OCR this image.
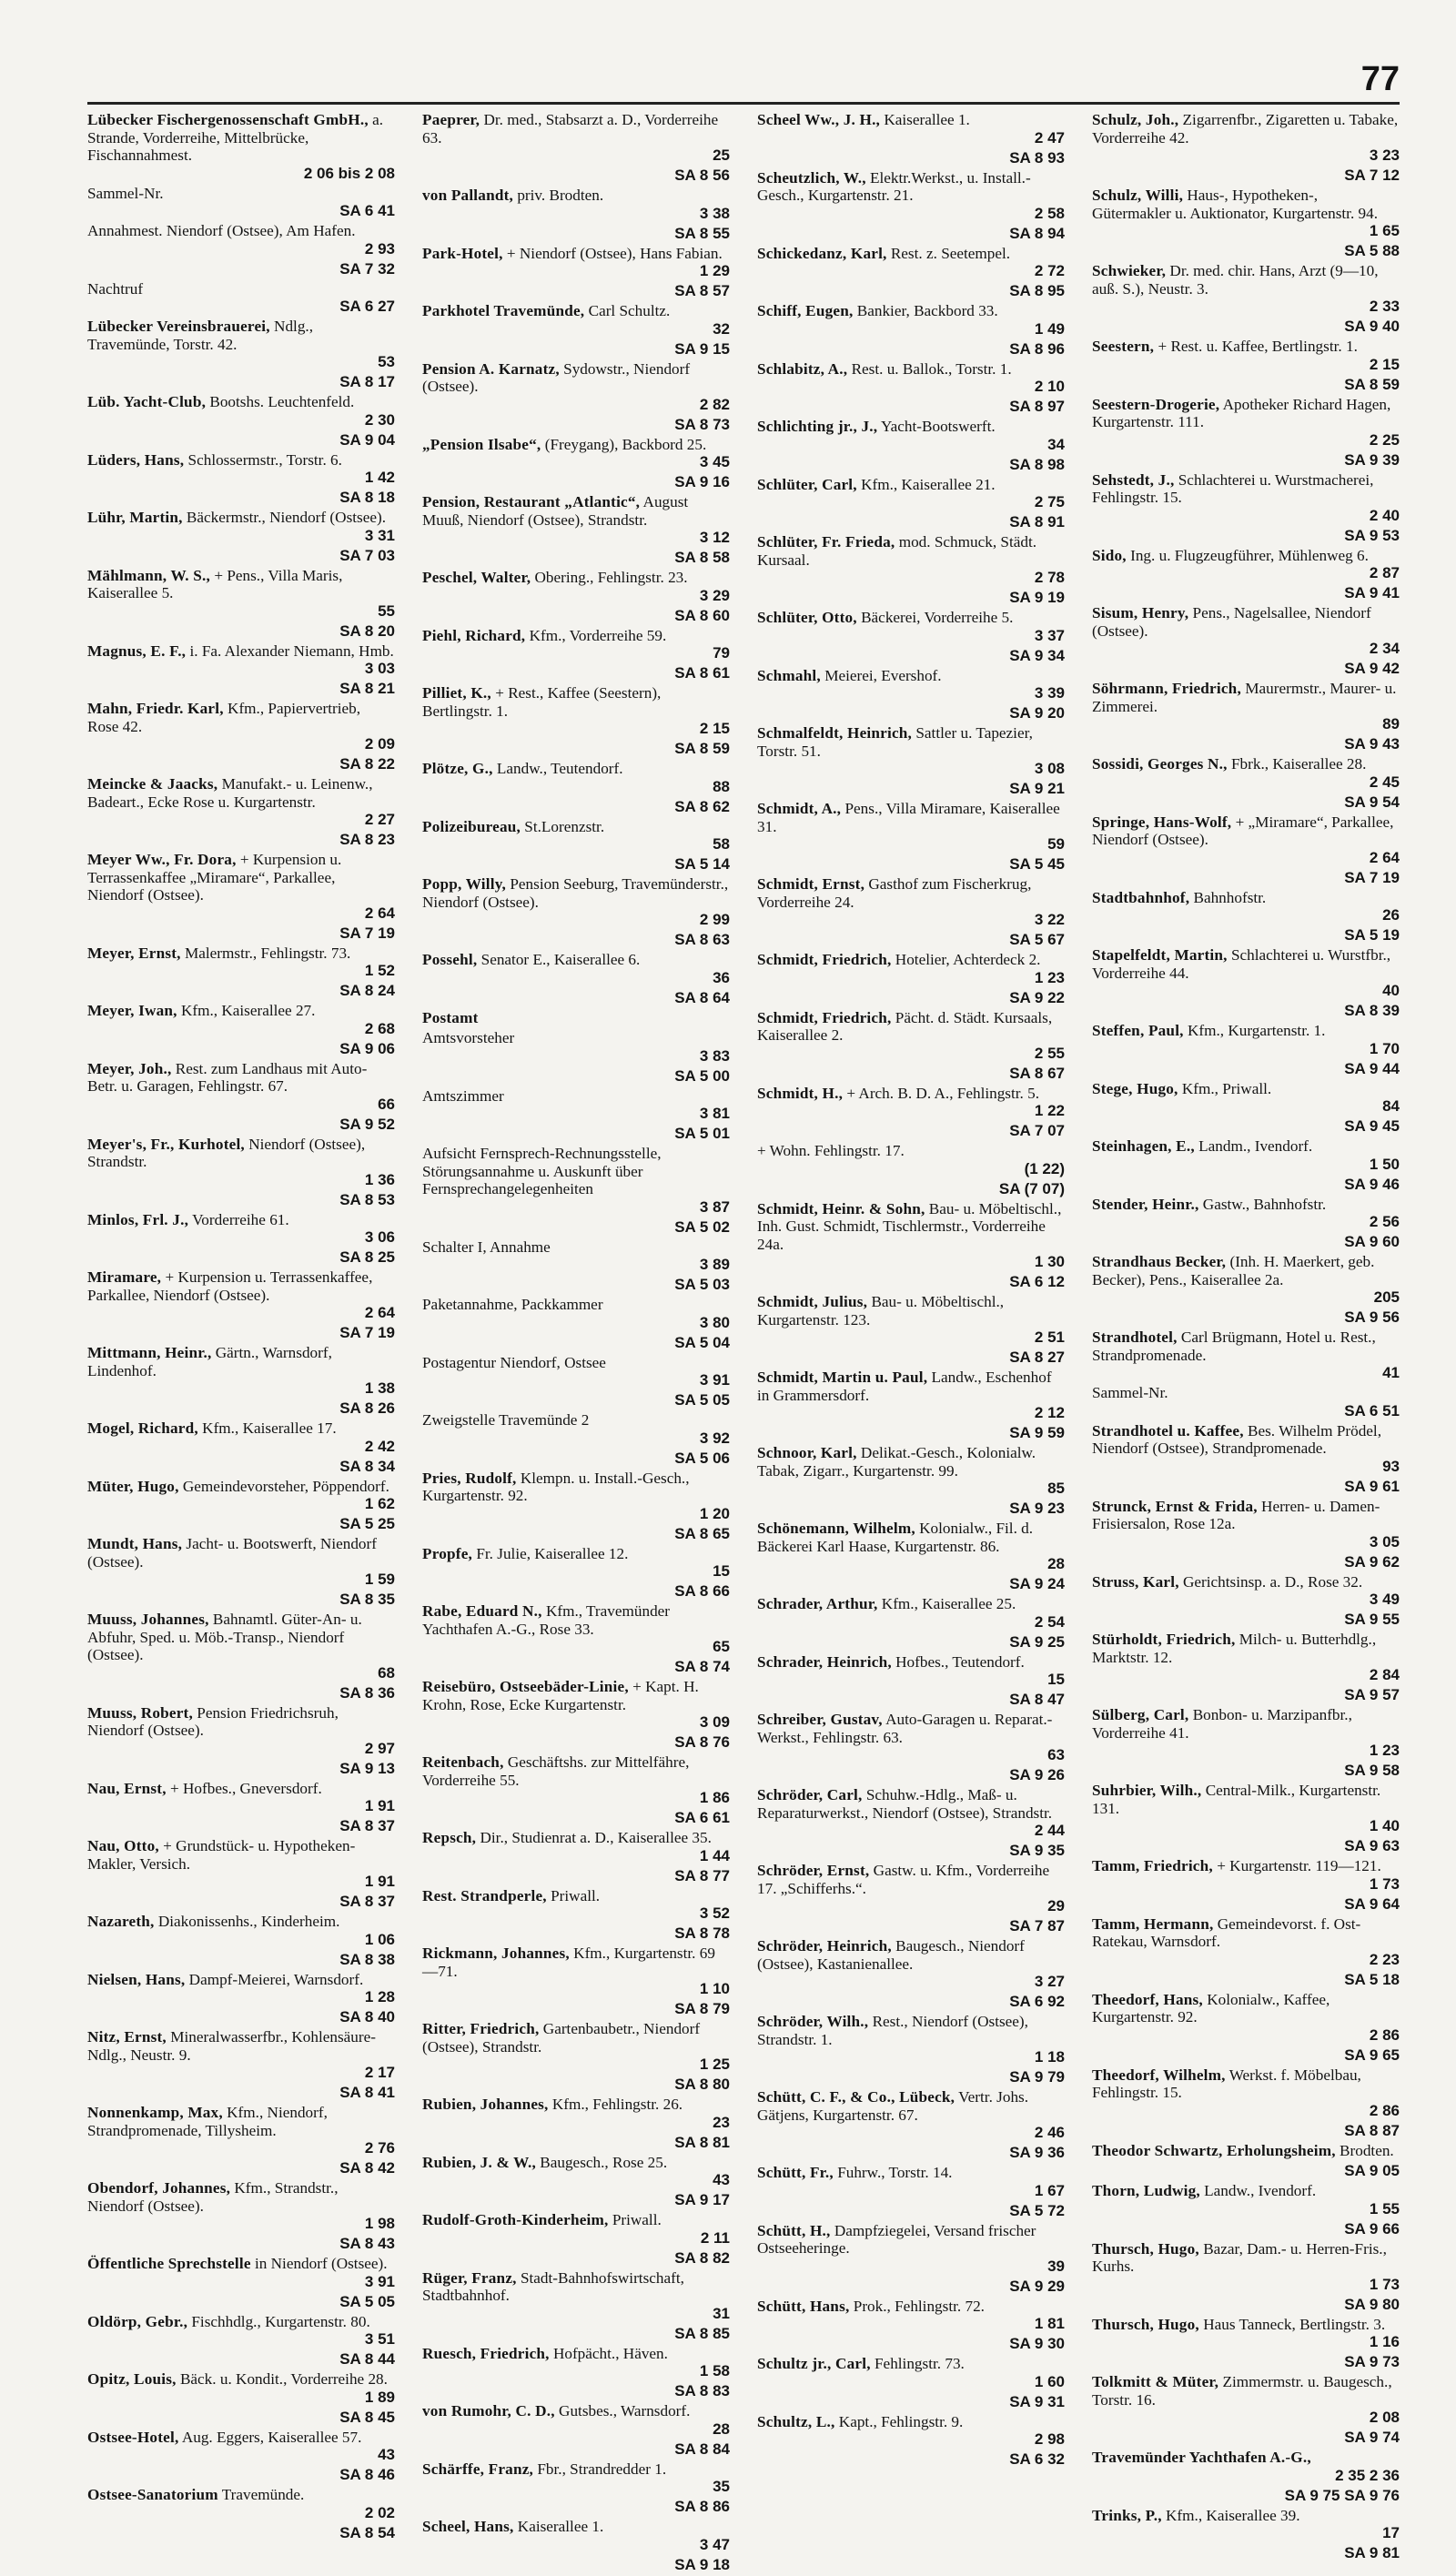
77
Lübecker Fischergenossenschaft GmbH., a. Strande, Vorderreihe, Mittelbrücke, Fischannahmest.
2 06 bis 2 08
Sammel-Nr.
SA 6 41
Annahmest. Niendorf (Ostsee), Am Hafen.
2 93
SA 7 32
Nachtruf
SA 6 27
Lübecker Vereinsbrauerei, Ndlg., Travemünde, Torstr. 42.
53
SA 8 17
Lüb. Yacht-Club, Bootshs. Leuchtenfeld.
2 30
SA 9 04
Lüders, Hans, Schlossermstr., Torstr. 6.
1 42
SA 8 18
Lühr, Martin, Bäckermstr., Niendorf (Ostsee).
3 31
SA 7 03
Mählmann, W. S., + Pens., Villa Maris, Kaiserallee 5.
55
SA 8 20
Magnus, E. F., i. Fa. Alexander Niemann, Hmb.
3 03
SA 8 21
Mahn, Friedr. Karl, Kfm., Papiervertrieb, Rose 42.
2 09
SA 8 22
Meincke & Jaacks, Manufakt.- u. Leinenw., Badeart., Ecke Rose u. Kurgartenstr.
2 27
SA 8 23
Meyer Ww., Fr. Dora, + Kurpension u. Terrassenkaffee „Miramare“, Parkallee, Niendorf (Ostsee).
2 64
SA 7 19
Meyer, Ernst, Malermstr., Fehlingstr. 73.
1 52
SA 8 24
Meyer, Iwan, Kfm., Kaiserallee 27.
2 68
SA 9 06
Meyer, Joh., Rest. zum Landhaus mit Auto-Betr. u. Garagen, Fehlingstr. 67.
66
SA 9 52
Meyer's, Fr., Kurhotel, Niendorf (Ostsee), Strandstr.
1 36
SA 8 53
Minlos, Frl. J., Vorderreihe 61.
3 06
SA 8 25
Miramare, + Kurpension u. Terrassenkaffee, Parkallee, Niendorf (Ostsee).
2 64
SA 7 19
Mittmann, Heinr., Gärtn., Warnsdorf, Lindenhof.
1 38
SA 8 26
Mogel, Richard, Kfm., Kaiserallee 17.
2 42
SA 8 34
Müter, Hugo, Gemeindevorsteher, Pöppendorf.
1 62
SA 5 25
Mundt, Hans, Jacht- u. Bootswerft, Niendorf (Ostsee).
1 59
SA 8 35
Muuss, Johannes, Bahnamtl. Güter-An- u. Abfuhr, Sped. u. Möb.-Transp., Niendorf (Ostsee).
68
SA 8 36
Muuss, Robert, Pension Friedrichsruh, Niendorf (Ostsee).
2 97
SA 9 13
Nau, Ernst, + Hofbes., Gneversdorf.
1 91
SA 8 37
Nau, Otto, + Grundstück- u. Hypotheken-Makler, Versich.
1 91
SA 8 37
Nazareth, Diakonissenhs., Kinderheim.
1 06
SA 8 38
Nielsen, Hans, Dampf-Meierei, Warnsdorf.
1 28
SA 8 40
Nitz, Ernst, Mineralwasserfbr., Kohlensäure-Ndlg., Neustr. 9.
2 17
SA 8 41
Nonnenkamp, Max, Kfm., Niendorf, Strandpromenade, Tillysheim.
2 76
SA 8 42
Obendorf, Johannes, Kfm., Strandstr., Niendorf (Ostsee).
1 98
SA 8 43
Öffentliche Sprechstelle in Niendorf (Ostsee).
3 91
SA 5 05
Oldörp, Gebr., Fischhdlg., Kurgartenstr. 80.
3 51
SA 8 44
Opitz, Louis, Bäck. u. Kondit., Vorderreihe 28.
1 89
SA 8 45
Ostsee-Hotel, Aug. Eggers, Kaiserallee 57.
43
SA 8 46
Ostsee-Sanatorium Travemünde.
2 02
SA 8 54
Paeprer, Dr. med., Stabsarzt a. D., Vorderreihe 63.
25
SA 8 56
von Pallandt, priv. Brodten.
3 38
SA 8 55
Park-Hotel, + Niendorf (Ostsee), Hans Fabian.
1 29
SA 8 57
Parkhotel Travemünde, Carl Schultz.
32
SA 9 15
Pension A. Karnatz, Sydowstr., Niendorf (Ostsee).
2 82
SA 8 73
„Pension Ilsabe“, (Freygang), Backbord 25.
3 45
SA 9 16
Pension, Restaurant „Atlantic“, August Muuß, Niendorf (Ostsee), Strandstr.
3 12
SA 8 58
Peschel, Walter, Obering., Fehlingstr. 23.
3 29
SA 8 60
Piehl, Richard, Kfm., Vorderreihe 59.
79
SA 8 61
Pilliet, K., + Rest., Kaffee (Seestern), Bertlingstr. 1.
2 15
SA 8 59
Plötze, G., Landw., Teutendorf.
88
SA 8 62
Polizeibureau, St.Lorenzstr.
58
SA 5 14
Popp, Willy, Pension Seeburg, Travemünderstr., Niendorf (Ostsee).
2 99
SA 8 63
Possehl, Senator E., Kaiserallee 6.
36
SA 8 64
Postamt
Amtsvorsteher
3 83
SA 5 00
Amtszimmer
3 81
SA 5 01
Aufsicht Fernsprech-Rechnungsstelle, Störungsannahme u. Auskunft über Fernsprechangelegenheiten
3 87
SA 5 02
Schalter I, Annahme
3 89
SA 5 03
Paketannahme, Packkammer
3 80
SA 5 04
Postagentur Niendorf, Ostsee
3 91
SA 5 05
Zweigstelle Travemünde 2
3 92
SA 5 06
Pries, Rudolf, Klempn. u. Install.-Gesch., Kurgartenstr. 92.
1 20
SA 8 65
Propfe, Fr. Julie, Kaiserallee 12.
15
SA 8 66
Rabe, Eduard N., Kfm., Travemünder Yachthafen A.-G., Rose 33.
65
SA 8 74
Reisebüro, Ostseebäder-Linie, + Kapt. H. Krohn, Rose, Ecke Kurgartenstr.
3 09
SA 8 76
Reitenbach, Geschäftshs. zur Mittelfähre, Vorderreihe 55.
1 86
SA 6 61
Repsch, Dir., Studienrat a. D., Kaiserallee 35.
1 44
SA 8 77
Rest. Strandperle, Priwall.
3 52
SA 8 78
Rickmann, Johannes, Kfm., Kurgartenstr. 69—71.
1 10
SA 8 79
Ritter, Friedrich, Gartenbaubetr., Niendorf (Ostsee), Strandstr.
1 25
SA 8 80
Rubien, Johannes, Kfm., Fehlingstr. 26.
23
SA 8 81
Rubien, J. & W., Baugesch., Rose 25.
43
SA 9 17
Rudolf-Groth-Kinderheim, Priwall.
2 11
SA 8 82
Rüger, Franz, Stadt-Bahnhofswirtschaft, Stadtbahnhof.
31
SA 8 85
Ruesch, Friedrich, Hofpächt., Häven.
1 58
SA 8 83
von Rumohr, C. D., Gutsbes., Warnsdorf.
28
SA 8 84
Schärffe, Franz, Fbr., Strandredder 1.
35
SA 8 86
Scheel, Hans, Kaiserallee 1.
3 47
SA 9 18
Scheel Ww., J. H., Kaiserallee 1.
2 47
SA 8 93
Scheutzlich, W., Elektr.Werkst., u. Install.-Gesch., Kurgartenstr. 21.
2 58
SA 8 94
Schickedanz, Karl, Rest. z. Seetempel.
2 72
SA 8 95
Schiff, Eugen, Bankier, Backbord 33.
1 49
SA 8 96
Schlabitz, A., Rest. u. Ballok., Torstr. 1.
2 10
SA 8 97
Schlichting jr., J., Yacht-Bootswerft.
34
SA 8 98
Schlüter, Carl, Kfm., Kaiserallee 21.
2 75
SA 8 91
Schlüter, Fr. Frieda, mod. Schmuck, Städt. Kursaal.
2 78
SA 9 19
Schlüter, Otto, Bäckerei, Vorderreihe 5.
3 37
SA 9 34
Schmahl, Meierei, Evershof.
3 39
SA 9 20
Schmalfeldt, Heinrich, Sattler u. Tapezier, Torstr. 51.
3 08
SA 9 21
Schmidt, A., Pens., Villa Miramare, Kaiserallee 31.
59
SA 5 45
Schmidt, Ernst, Gasthof zum Fischerkrug, Vorderreihe 24.
3 22
SA 5 67
Schmidt, Friedrich, Hotelier, Achterdeck 2.
1 23
SA 9 22
Schmidt, Friedrich, Pächt. d. Städt. Kursaals, Kaiserallee 2.
2 55
SA 8 67
Schmidt, H., + Arch. B. D. A., Fehlingstr. 5.
1 22
SA 7 07
+ Wohn. Fehlingstr. 17.
(1 22)
SA (7 07)
Schmidt, Heinr. & Sohn, Bau- u. Möbeltischl., Inh. Gust. Schmidt, Tischlermstr., Vorderreihe 24a.
1 30
SA 6 12
Schmidt, Julius, Bau- u. Möbeltischl., Kurgartenstr. 123.
2 51
SA 8 27
Schmidt, Martin u. Paul, Landw., Eschenhof in Grammersdorf.
2 12
SA 9 59
Schnoor, Karl, Delikat.-Gesch., Kolonialw. Tabak, Zigarr., Kurgartenstr. 99.
85
SA 9 23
Schönemann, Wilhelm, Kolonialw., Fil. d. Bäckerei Karl Haase, Kurgartenstr. 86.
28
SA 9 24
Schrader, Arthur, Kfm., Kaiserallee 25.
2 54
SA 9 25
Schrader, Heinrich, Hofbes., Teutendorf.
15
SA 8 47
Schreiber, Gustav, Auto-Garagen u. Reparat.-Werkst., Fehlingstr. 63.
63
SA 9 26
Schröder, Carl, Schuhw.-Hdlg., Maß- u. Reparaturwerkst., Niendorf (Ostsee), Strandstr.
2 44
SA 9 35
Schröder, Ernst, Gastw. u. Kfm., Vorderreihe 17. „Schifferhs.“.
29
SA 7 87
Schröder, Heinrich, Baugesch., Niendorf (Ostsee), Kastanienallee.
3 27
SA 6 92
Schröder, Wilh., Rest., Niendorf (Ostsee), Strandstr. 1.
1 18
SA 9 79
Schütt, C. F., & Co., Lübeck, Vertr. Johs. Gätjens, Kurgartenstr. 67.
2 46
SA 9 36
Schütt, Fr., Fuhrw., Torstr. 14.
1 67
SA 5 72
Schütt, H., Dampfziegelei, Versand frischer Ostseeheringe.
39
SA 9 29
Schütt, Hans, Prok., Fehlingstr. 72.
1 81
SA 9 30
Schultz jr., Carl, Fehlingstr. 73.
1 60
SA 9 31
Schultz, L., Kapt., Fehlingstr. 9.
2 98
SA 6 32
Schulz, Joh., Zigarrenfbr., Zigaretten u. Tabake, Vorderreihe 42.
3 23
SA 7 12
Schulz, Willi, Haus-, Hypotheken-, Gütermakler u. Auktionator, Kurgartenstr. 94.
1 65
SA 5 88
Schwieker, Dr. med. chir. Hans, Arzt (9—10, auß. S.), Neustr. 3.
2 33
SA 9 40
Seestern, + Rest. u. Kaffee, Bertlingstr. 1.
2 15
SA 8 59
Seestern-Drogerie, Apotheker Richard Hagen, Kurgartenstr. 111.
2 25
SA 9 39
Sehstedt, J., Schlachterei u. Wurstmacherei, Fehlingstr. 15.
2 40
SA 9 53
Sido, Ing. u. Flugzeugführer, Mühlenweg 6.
2 87
SA 9 41
Sisum, Henry, Pens., Nagelsallee, Niendorf (Ostsee).
2 34
SA 9 42
Söhrmann, Friedrich, Maurermstr., Maurer- u. Zimmerei.
89
SA 9 43
Sossidi, Georges N., Fbrk., Kaiserallee 28.
2 45
SA 9 54
Springe, Hans-Wolf, + „Miramare“, Parkallee, Niendorf (Ostsee).
2 64
SA 7 19
Stadtbahnhof, Bahnhofstr.
26
SA 5 19
Stapelfeldt, Martin, Schlachterei u. Wurstfbr., Vorderreihe 44.
40
SA 8 39
Steffen, Paul, Kfm., Kurgartenstr. 1.
1 70
SA 9 44
Stege, Hugo, Kfm., Priwall.
84
SA 9 45
Steinhagen, E., Landm., Ivendorf.
1 50
SA 9 46
Stender, Heinr., Gastw., Bahnhofstr.
2 56
SA 9 60
Strandhaus Becker, (Inh. H. Maerkert, geb. Becker), Pens., Kaiserallee 2a.
205
SA 9 56
Strandhotel, Carl Brügmann, Hotel u. Rest., Strandpromenade.
41
Sammel-Nr.
SA 6 51
Strandhotel u. Kaffee, Bes. Wilhelm Prödel, Niendorf (Ostsee), Strandpromenade.
93
SA 9 61
Strunck, Ernst & Frida, Herren- u. Damen-Frisiersalon, Rose 12a.
3 05
SA 9 62
Struss, Karl, Gerichtsinsp. a. D., Rose 32.
3 49
SA 9 55
Stürholdt, Friedrich, Milch- u. Butterhdlg., Marktstr. 12.
2 84
SA 9 57
Sülberg, Carl, Bonbon- u. Marzipanfbr., Vorderreihe 41.
1 23
SA 9 58
Suhrbier, Wilh., Central-Milk., Kurgartenstr. 131.
1 40
SA 9 63
Tamm, Friedrich, + Kurgartenstr. 119—121.
1 73
SA 9 64
Tamm, Hermann, Gemeindevorst. f. Ost-Ratekau, Warnsdorf.
2 23
SA 5 18
Theedorf, Hans, Kolonialw., Kaffee, Kurgartenstr. 92.
2 86
SA 9 65
Theedorf, Wilhelm, Werkst. f. Möbelbau, Fehlingstr. 15.
2 86
SA 8 87
Theodor Schwartz, Erholungsheim, Brodten.
SA 9 05
Thorn, Ludwig, Landw., Ivendorf.
1 55
SA 9 66
Thursch, Hugo, Bazar, Dam.- u. Herren-Fris., Kurhs.
1 73
SA 9 80
Thursch, Hugo, Haus Tanneck, Bertlingstr. 3.
1 16
SA 9 73
Tolkmitt & Müter, Zimmermstr. u. Baugesch., Torstr. 16.
2 08
SA 9 74
Travemünder Yachthafen A.-G.,
2 35 2 36
SA 9 75 SA 9 76
Trinks, P., Kfm., Kaiserallee 39.
17
SA 9 81
